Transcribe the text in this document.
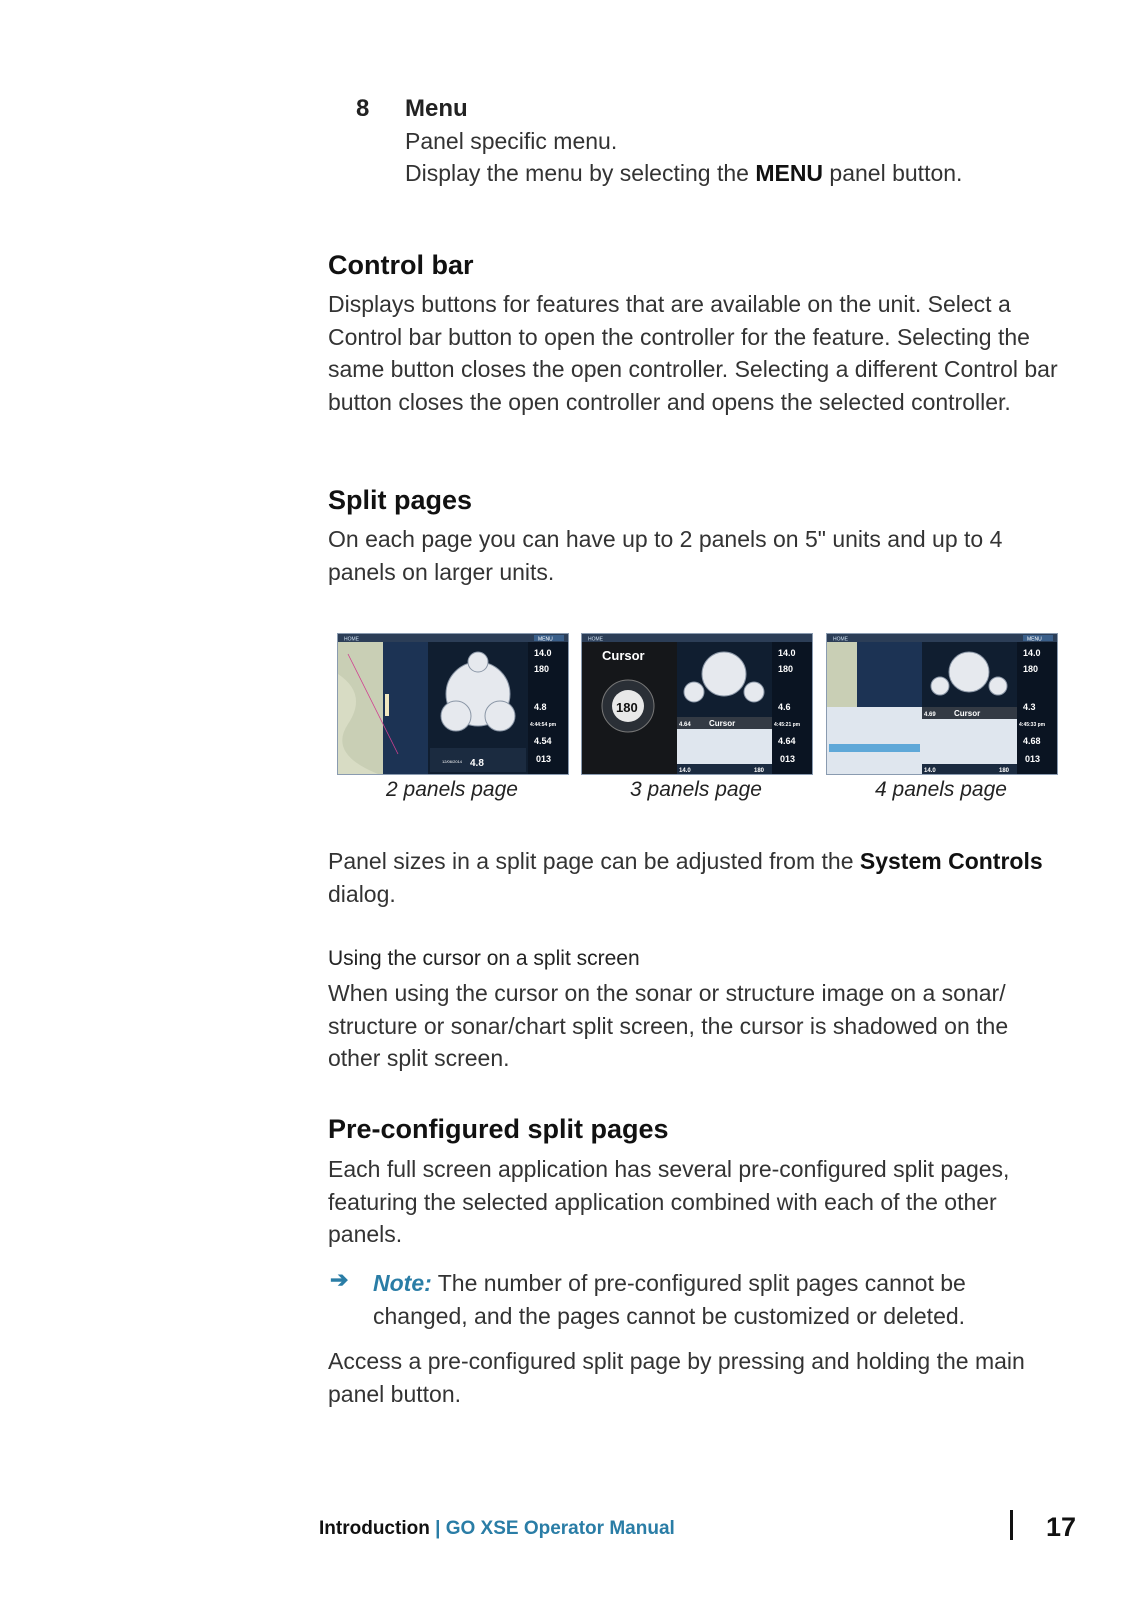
8 Menu
Panel specific menu.
Display the menu by selecting the MENU panel button.
Control bar

Displays buttons for features that are available on the unit. Select a Control bar button to open the controller for the feature. Selecting the same button closes the open controller. Selecting a different Control bar button closes the open controller and opens the selected controller.

Split pages

On each page you can have up to 2 panels on 5" units and up to 4 panels on larger units.

HOME	MENU
12/06/2014 4.8
14.0
180
4.8
4:44:54 pm
4.54
013
2 panels page
HOME
Cursor
180
4.64 Cursor
14.0	180
14.0
180
4.6
4:45:21 pm
4.64
013
3 panels page
HOME	MENU
4.69 Cursor
14.0	180
14.0
180
4.3
4:45:33 pm
4.68
013
4 panels page

Panel sizes in a split page can be adjusted from the System Controls dialog.

Using the cursor on a split screen

When using the cursor on the sonar or structure image on a sonar/ structure or sonar/chart split screen, the cursor is shadowed on the other split screen.

Pre-configured split pages

Each full screen application has several pre-configured split pages, featuring the selected application combined with each of the other panels.

➔ Note: The number of pre-configured split pages cannot be changed, and the pages cannot be customized or deleted.

Access a pre-configured split page by pressing and holding the main panel button.

Introduction | GO XSE Operator Manual	17
